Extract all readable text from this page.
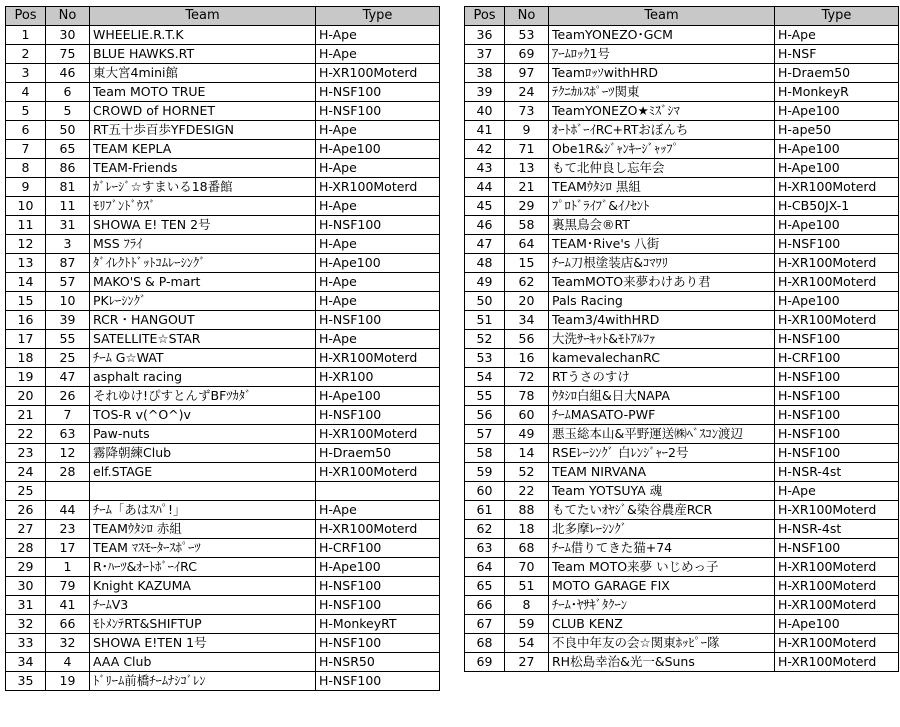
Pos	No	Team	Type
1	30	WHEELIE.R.T.K	H-Ape
2	75	BLUE HAWKS.RT	H-Ape
3	46	東大宮4mini館	H-XR100Moterd
4	6	Team MOTO TRUE	H-NSF100
5	5	CROWD of HORNET	H-NSF100
6	50	RT五十歩百歩YFDESIGN	H-Ape
7	65	TEAM KEPLA	H-Ape100
8	86	TEAM-Friends	H-Ape
9	81	ｶﾞﾚｰｼﾞ☆すまいる18番館	H-XR100Moterd
10	11	ﾓﾘﾌﾞﾝﾄﾞｳｽﾞ	H-Ape
11	31	SHOWA E! TEN 2号	H-NSF100
12	3	MSS ﾌﾗｲ	H-Ape
13	87	ﾀﾞｲﾚｸﾄﾄﾞｯﾄｺﾑﾚｰｼﾝｸﾞ	H-Ape100
14	57	MAKO'S & P-mart	H-Ape
15	10	PKﾚｰｼﾝｸﾞ	H-Ape
16	39	RCR・HANGOUT	H-NSF100
17	55	SATELLITE☆STAR	H-Ape
18	25	ﾁｰﾑ G☆WAT	H-XR100Moterd
19	47	asphalt racing	H-XR100
20	26	それゆけ!ぴすとんずBFﾂｶﾀﾞ	H-Ape100
21	7	TOS-R v(^O^)v	H-NSF100
22	63	Paw-nuts	H-XR100Moterd
23	12	霧降朝練Club	H-Draem50
24	28	elf.STAGE	H-XR100Moterd
25			
26	44	ﾁｰﾑ「あはｽﾊﾟ!」	H-Ape
27	23	TEAMｳﾀｼﾛ 赤組	H-XR100Moterd
28	17	TEAM ﾏｽﾓｰﾀｰｽﾎﾟｰﾂ	H-CRF100
29	1	R･ﾊｰﾂ&ｵｰﾄﾎﾞｰｲRC	H-Ape100
30	79	Knight KAZUMA	H-NSF100
31	41	ﾁｰﾑV3	H-NSF100
32	66	ﾓﾄﾒﾝﾃRT&SHIFTUP	H-MonkeyRT
33	32	SHOWA E!TEN 1号	H-NSF100
34	4	AAA Club	H-NSR50
35	19	ﾄﾞﾘｰﾑ前橋ﾁｰﾑﾅｼｺﾞﾚﾝ	H-NSF100
Pos	No	Team	Type
36	53	TeamYONEZO･GCM	H-Ape
37	69	ｱｰﾑﾛｯｸ1号	H-NSF
38	97	TeamﾛｯｿwithHRD	H-Draem50
39	24	ﾃｸﾆｶﾙｽﾎﾟｰﾂ関東	H-MonkeyR
40	73	TeamYONEZO★ﾐｽﾞｼﾏ	H-Ape100
41	9	ｵｰﾄﾎﾞｰｲRC+RTおぼんち	H-ape50
42	71	Obe1R&ｼﾞｬﾝｷｰｼﾞｬｯﾌﾟ	H-Ape100
43	13	もて北仲良し忘年会	H-Ape100
44	21	TEAMｳﾀｼﾛ 黒組	H-XR100Moterd
45	29	ﾌﾟﾛﾄﾞﾗｲﾌﾞ&ｲﾉｾﾝﾄ	H-CB50JX-1
46	58	裏黒鳥会®RT	H-Ape100
47	64	TEAM･Rive's 八街	H-NSF100
48	15	ﾁｰﾑ刀根塗装店&ｺﾏﾜﾘ	H-XR100Moterd
49	62	TeamMOTO来夢わけあり君	H-XR100Moterd
50	20	Pals Racing	H-Ape100
51	34	Team3/4withHRD	H-XR100Moterd
52	56	大洗ｻｰｷｯﾄ&ﾓﾄｱﾙﾌｧ	H-NSF100
53	16	kamevalechanRC	H-CRF100
54	72	RTうさのすけ	H-NSF100
55	78	ｳﾀｼﾛ白組&日大NAPA	H-NSF100
56	60	ﾁｰﾑMASATO-PWF	H-NSF100
57	49	悪玉総本山&平野運送㈱ﾍﾞｽｺﾝ渡辺	H-NSF100
58	14	RSEﾚｰｼﾝｸﾞ 白ﾚﾝｼﾞｬｰ2号	H-NSF100
59	52	TEAM NIRVANA	H-NSR-4st
60	22	Team YOTSUYA 魂	H-Ape
61	88	もてたいｵﾔｼﾞ&染谷農産RCR	H-XR100Moterd
62	18	北多摩ﾚｰｼﾝｸﾞ	H-NSR-4st
63	68	ﾁｰﾑ借りてきた猫+74	H-NSF100
64	70	Team MOTO来夢 いじめっ子	H-XR100Moterd
65	51	MOTO GARAGE FIX	H-XR100Moterd
66	8	ﾁｰﾑ･ﾔｻｷﾞﾀｸｰﾝ	H-XR100Moterd
67	59	CLUB KENZ	H-Ape100
68	54	不良中年友の会☆関東ﾎｯﾋﾟｰ隊	H-XR100Moterd
69	27	RH松島幸治&光一&Suns	H-XR100Moterd
